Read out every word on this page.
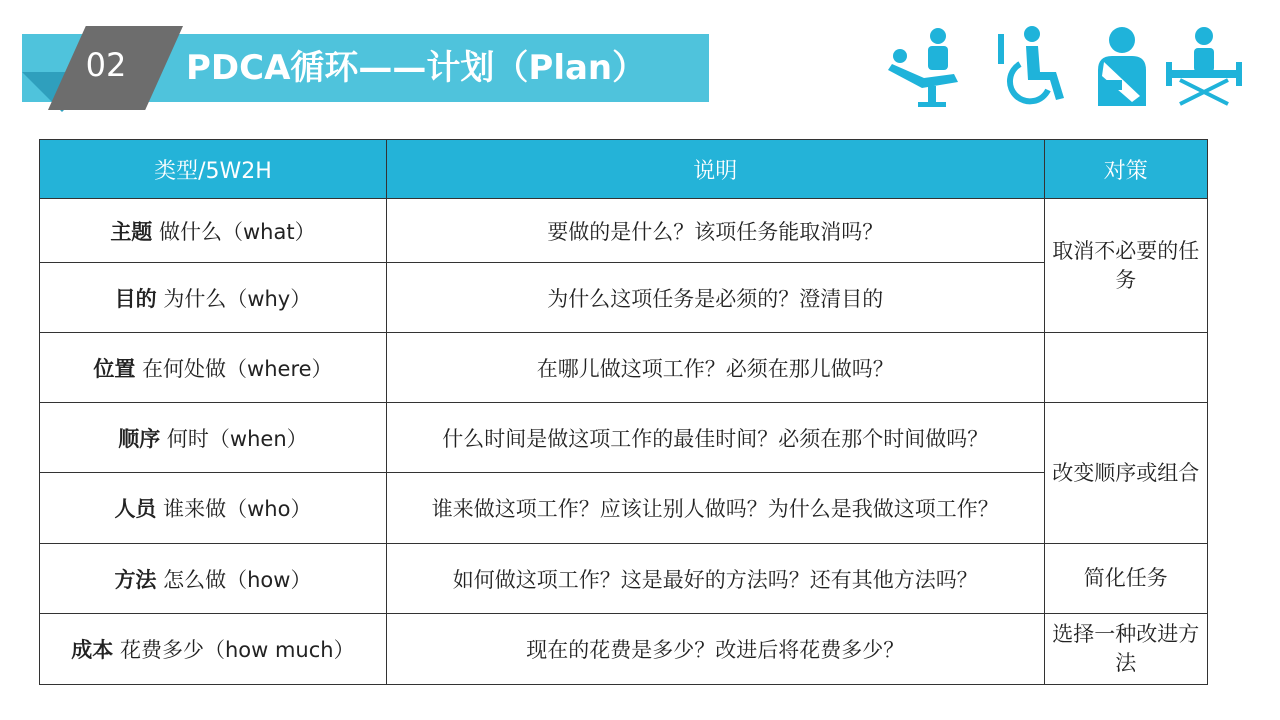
02 PDCA循环——计划（Plan）
类型/5W2H	说明	对策
主题 做什么（what）	要做的是什么？该项任务能取消吗？	取消不必要的任务
目的 为什么（why）	为什么这项任务是必须的？澄清目的	
位置 在何处做（where）	在哪儿做这项工作？必须在那儿做吗？	
顺序 何时（when）	什么时间是做这项工作的最佳时间？必须在那个时间做吗？	改变顺序或组合
人员 谁来做（who）	谁来做这项工作？应该让别人做吗？为什么是我做这项工作？	
方法 怎么做（how）	如何做这项工作？这是最好的方法吗？还有其他方法吗？	简化任务
成本 花费多少（how much）	现在的花费是多少？改进后将花费多少？	选择一种改进方法
